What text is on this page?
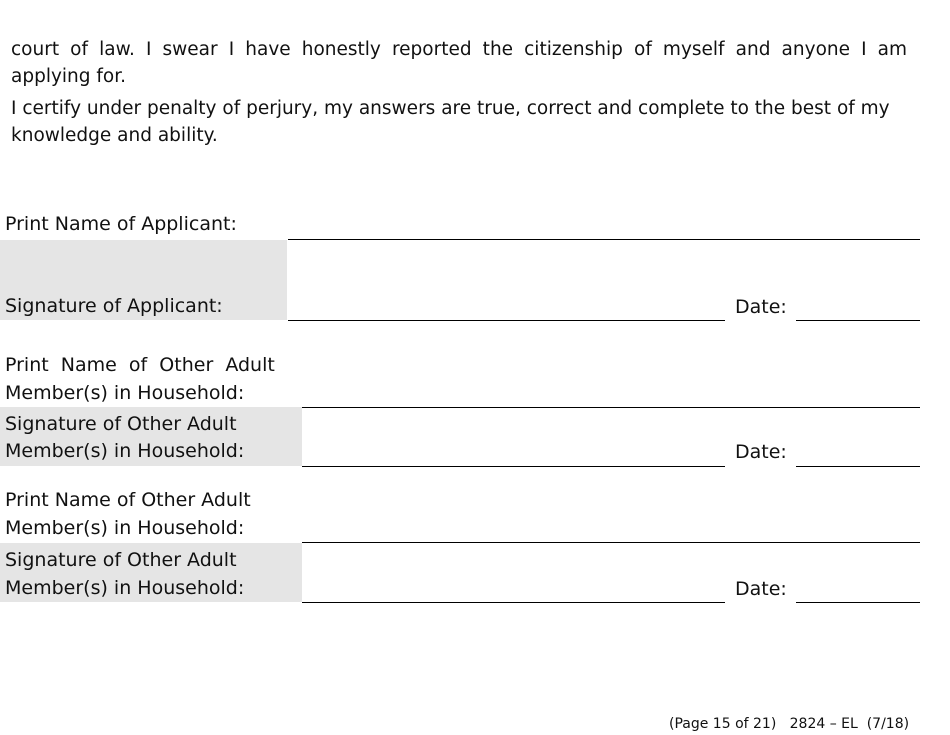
court of law. I swear I have honestly reported the citizenship of myself and anyone I am applying for.

I certify under penalty of perjury, my answers are true, correct and complete to the best of my knowledge and ability.

Print Name of Applicant:
Signature of Applicant:	Date:
Print  Name  of  Other  Adult
Member(s) in Household:
Signature of Other Adult
Member(s) in Household:	Date:
Print Name of Other Adult
Member(s) in Household:
Signature of Other Adult
Member(s) in Household:	Date:
(Page 15 of 21)   2824 – EL  (7/18)
